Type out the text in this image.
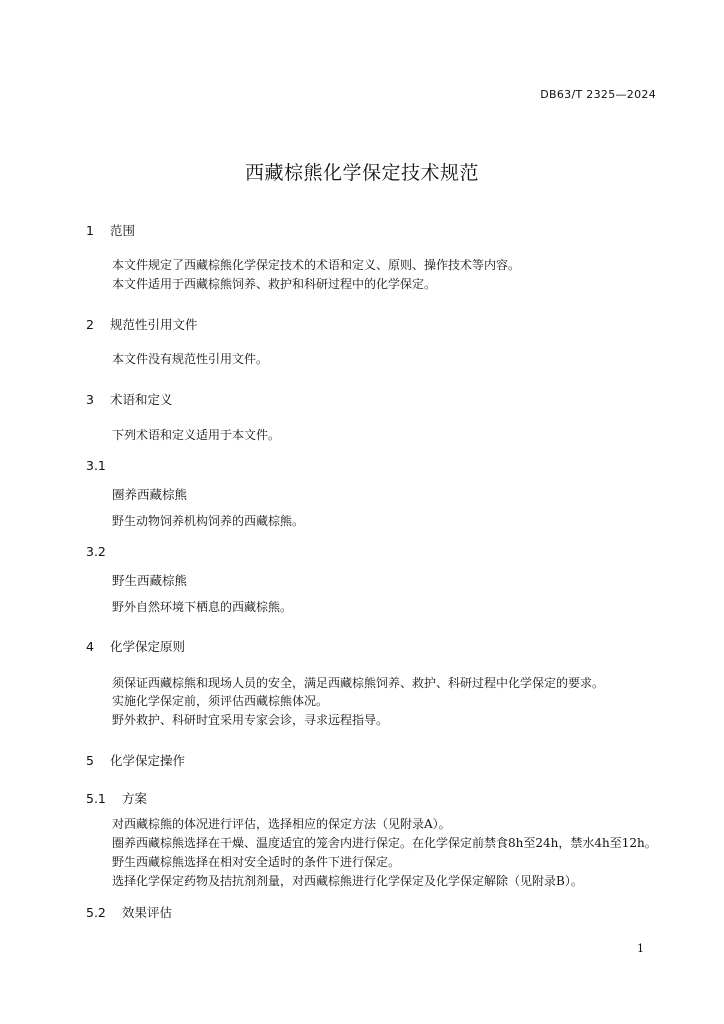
DB63/T 2325—2024
西藏棕熊化学保定技术规范
1 范围
本文件规定了西藏棕熊化学保定技术的术语和定义、原则、操作技术等内容。
本文件适用于西藏棕熊饲养、救护和科研过程中的化学保定。
2 规范性引用文件
本文件没有规范性引用文件。
3 术语和定义
下列术语和定义适用于本文件。
3.1
圈养西藏棕熊
野生动物饲养机构饲养的西藏棕熊。
3.2
野生西藏棕熊
野外自然环境下栖息的西藏棕熊。
4 化学保定原则
须保证西藏棕熊和现场人员的安全，满足西藏棕熊饲养、救护、科研过程中化学保定的要求。
实施化学保定前，须评估西藏棕熊体况。
野外救护、科研时宜采用专家会诊，寻求远程指导。
5 化学保定操作
5.1 方案
对西藏棕熊的体况进行评估，选择相应的保定方法（见附录A）。
圈养西藏棕熊选择在干燥、温度适宜的笼舍内进行保定。在化学保定前禁食8h至24h，禁水4h至12h。
野生西藏棕熊选择在相对安全适时的条件下进行保定。
选择化学保定药物及拮抗剂剂量，对西藏棕熊进行化学保定及化学保定解除（见附录B）。
5.2 效果评估
1
